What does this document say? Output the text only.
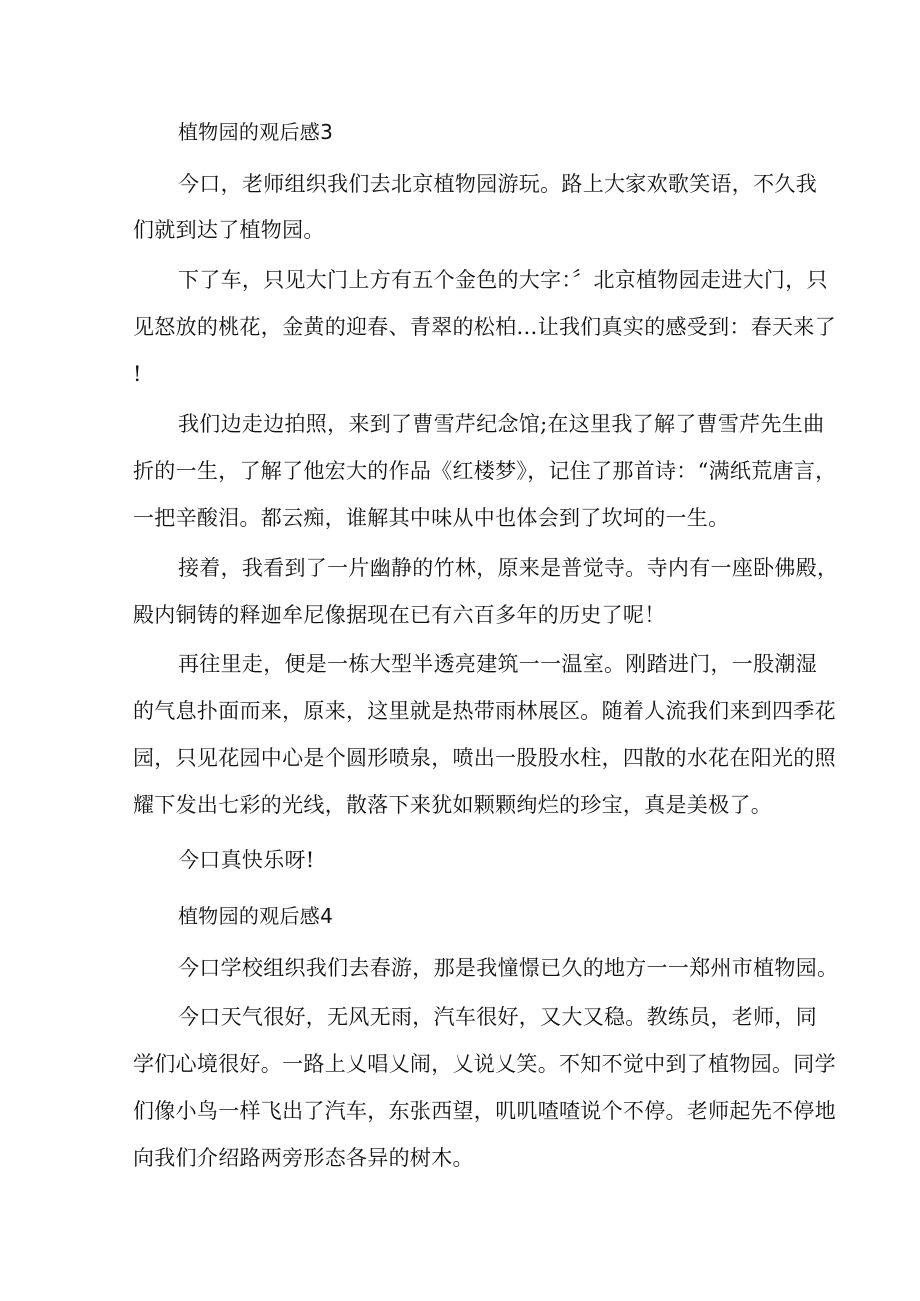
植物园的观后感3
今口，老师组织我们去北京植物园游玩。路上大家欢歌笑语，不久我
们就到达了植物园。
下了车，只见大门上方有五个金色的大字：〞北京植物园走进大门，只
见怒放的桃花，金黄的迎春、青翠的松柏…让我们真实的感受到：春天来了
!
我们边走边拍照，来到了曹雪芹纪念馆;在这里我了解了曹雪芹先生曲
折的一生，了解了他宏大的作品《红楼梦》，记住了那首诗：“满纸荒唐言，
一把辛酸泪。都云痴，谁解其中味从中也体会到了坎坷的一生。
接着，我看到了一片幽静的竹林，原来是普觉寺。寺内有一座卧佛殿，
殿内铜铸的释迦牟尼像据现在已有六百多年的历史了呢！
再往里走，便是一栋大型半透亮建筑一一温室。刚踏进门，一股潮湿
的气息扑面而来，原来，这里就是热带雨林展区。随着人流我们来到四季花
园，只见花园中心是个圆形喷泉，喷出一股股水柱，四散的水花在阳光的照
耀下发出七彩的光线，散落下来犹如颗颗绚烂的珍宝，真是美极了。
今口真快乐呀!
植物园的观后感4
今口学校组织我们去春游，那是我憧憬已久的地方一一郑州市植物园。
今口天气很好，无风无雨，汽车很好，又大又稳。教练员，老师，同
学们心境很好。一路上乂唱乂闹，乂说乂笑。不知不觉中到了植物园。同学
们像小鸟一样飞出了汽车，东张西望，叽叽喳喳说个不停。老师起先不停地
向我们介绍路两旁形态各异的树木。
